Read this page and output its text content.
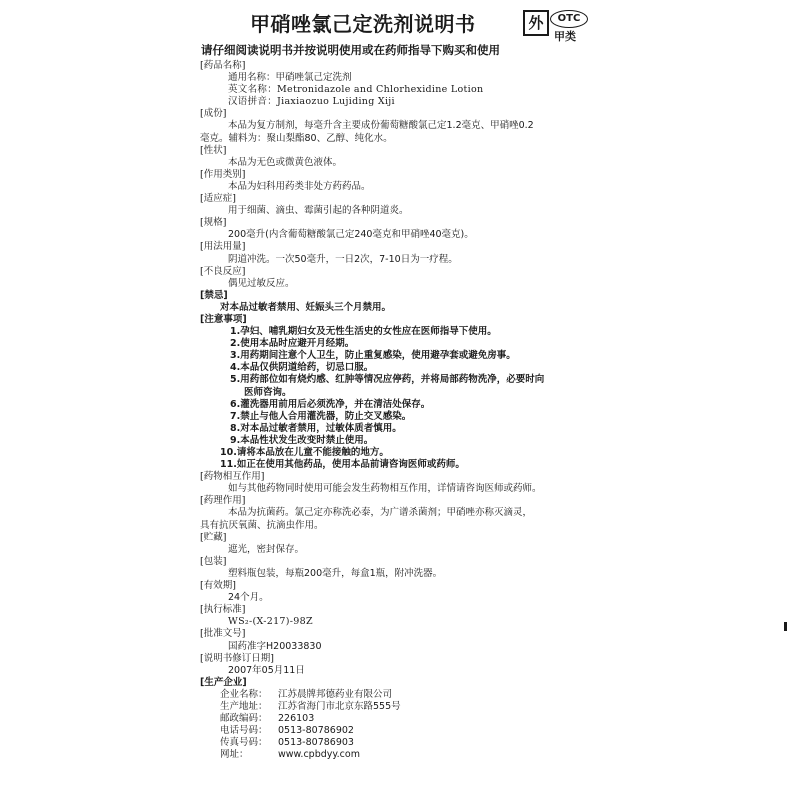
甲硝唑氯己定洗剂说明书	外	OTC
甲类
请仔细阅读说明书并按说明使用或在药师指导下购买和使用
[药品名称]
通用名称：甲硝唑氯己定洗剂
英文名称：Metronidazole and Chlorhexidine Lotion
汉语拼音：Jiaxiaozuo Lujiding Xiji
[成份]
本品为复方制剂，每毫升含主要成份葡萄糖酸氯己定1.2毫克、甲硝唑0.2
毫克。辅料为：聚山梨酯80、乙醇、纯化水。
[性状]
本品为无色或微黄色液体。
[作用类别]
本品为妇科用药类非处方药药品。
[适应症]
用于细菌、滴虫、霉菌引起的各种阴道炎。
[规格]
200毫升(内含葡萄糖酸氯己定240毫克和甲硝唑40毫克)。
[用法用量]
阴道冲洗。一次50毫升，一日2次，7-10日为一疗程。
[不良反应]
偶见过敏反应。
[禁忌]
对本品过敏者禁用、妊娠头三个月禁用。
[注意事项]
1.孕妇、哺乳期妇女及无性生活史的女性应在医师指导下使用。
2.使用本品时应避开月经期。
3.用药期间注意个人卫生，防止重复感染，使用避孕套或避免房事。
4.本品仅供阴道给药，切忌口服。
5.用药部位如有烧灼感、红肿等情况应停药，并将局部药物洗净，必要时向
医师咨询。
6.灌洗器用前用后必须洗净，并在清洁处保存。
7.禁止与他人合用灌洗器，防止交叉感染。
8.对本品过敏者禁用，过敏体质者慎用。
9.本品性状发生改变时禁止使用。
10.请将本品放在儿童不能接触的地方。
11.如正在使用其他药品，使用本品前请咨询医师或药师。
[药物相互作用]
如与其他药物同时使用可能会发生药物相互作用，详情请咨询医师或药师。
[药理作用]
本品为抗菌药。氯己定亦称洗必泰，为广谱杀菌剂；甲硝唑亦称灭滴灵，
具有抗厌氧菌、抗滴虫作用。
[贮藏]
遮光，密封保存。
[包装]
塑料瓶包装，每瓶200毫升，每盒1瓶，附冲洗器。
[有效期]
24个月。
[执行标准]
WS₂-(X-217)-98Z
[批准文号]
国药准字H20033830
[说明书修订日期]
2007年05月11日
[生产企业]
企业名称：	江苏晨牌邦德药业有限公司
生产地址：	江苏省海门市北京东路555号
邮政编码：	226103
电话号码：	0513-80786902
传真号码：	0513-80786903
网址：	www.cpbdyy.com
